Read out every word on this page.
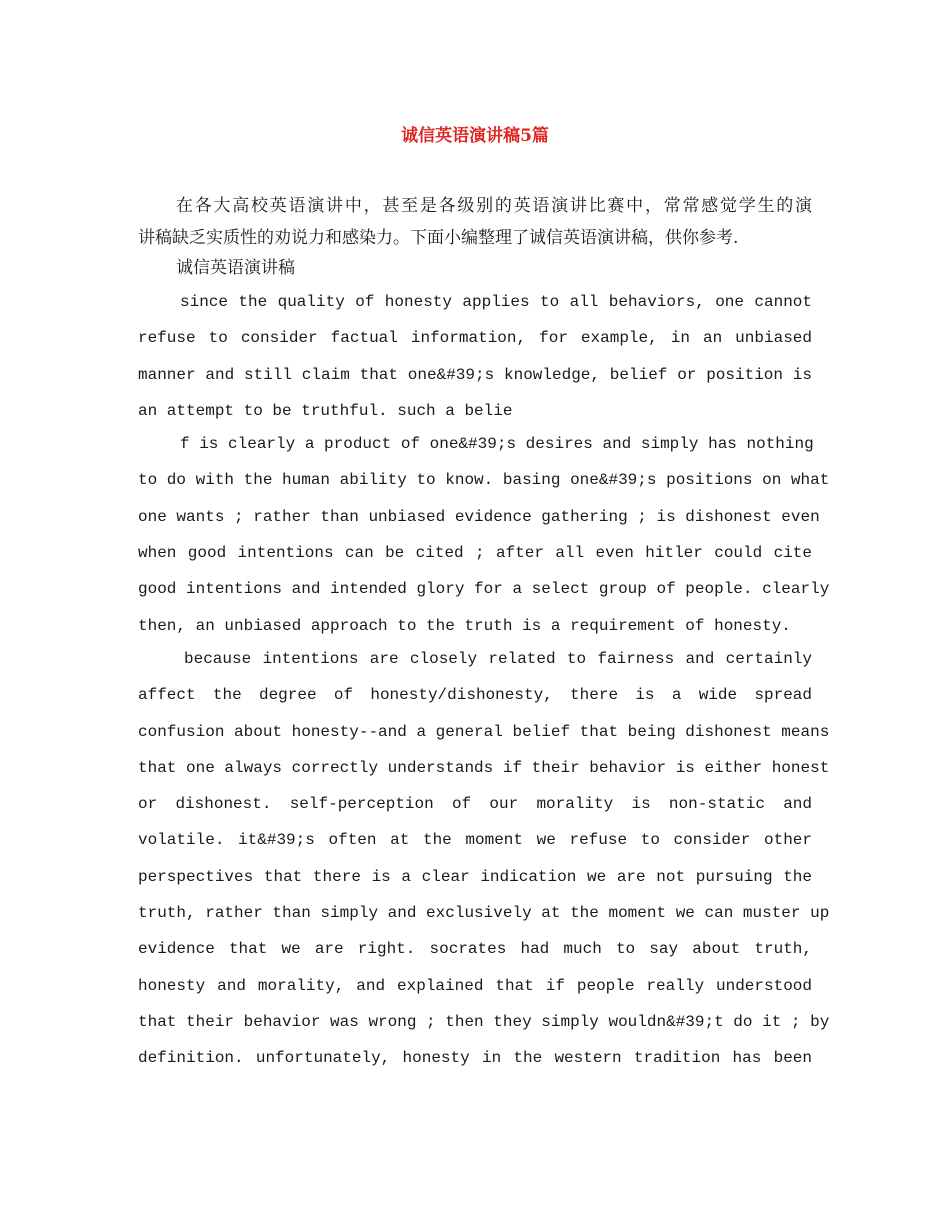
诚信英语演讲稿5篇

在各大高校英语演讲中，甚至是各级别的英语演讲比赛中，常常感觉学生的演
讲稿缺乏实质性的劝说力和感染力。下面小编整理了诚信英语演讲稿，供你参考.

诚信英语演讲稿

since the quality of honesty applies to all behaviors, one cannot
refuse to consider factual information, for example, in an unbiased
manner and still claim that one&#39;s knowledge, belief or position is
an attempt to be truthful. such a belie
f is clearly a product of one&#39;s desires and simply has nothing
to do with the human ability to know. basing one&#39;s positions on what
one wants ; rather than unbiased evidence gathering ; is dishonest even
when good intentions can be cited ; after all even hitler could cite
good intentions and intended glory for a select group of people. clearly
then, an unbiased approach to the truth is a requirement of honesty.
because intentions are closely related to fairness and certainly
affect the degree of honesty/dishonesty, there is a wide spread
confusion about honesty--and a general belief that being dishonest means
that one always correctly understands if their behavior is either honest
or dishonest. self-perception of our morality is non-static and
volatile. it&#39;s often at the moment we refuse to consider other
perspectives that there is a clear indication we are not pursuing the
truth, rather than simply and exclusively at the moment we can muster up
evidence that we are right. socrates had much to say about truth,
honesty and morality, and explained that if people really understood
that their behavior was wrong ; then they simply wouldn&#39;t do it ; by
definition. unfortunately, honesty in the western tradition has been
